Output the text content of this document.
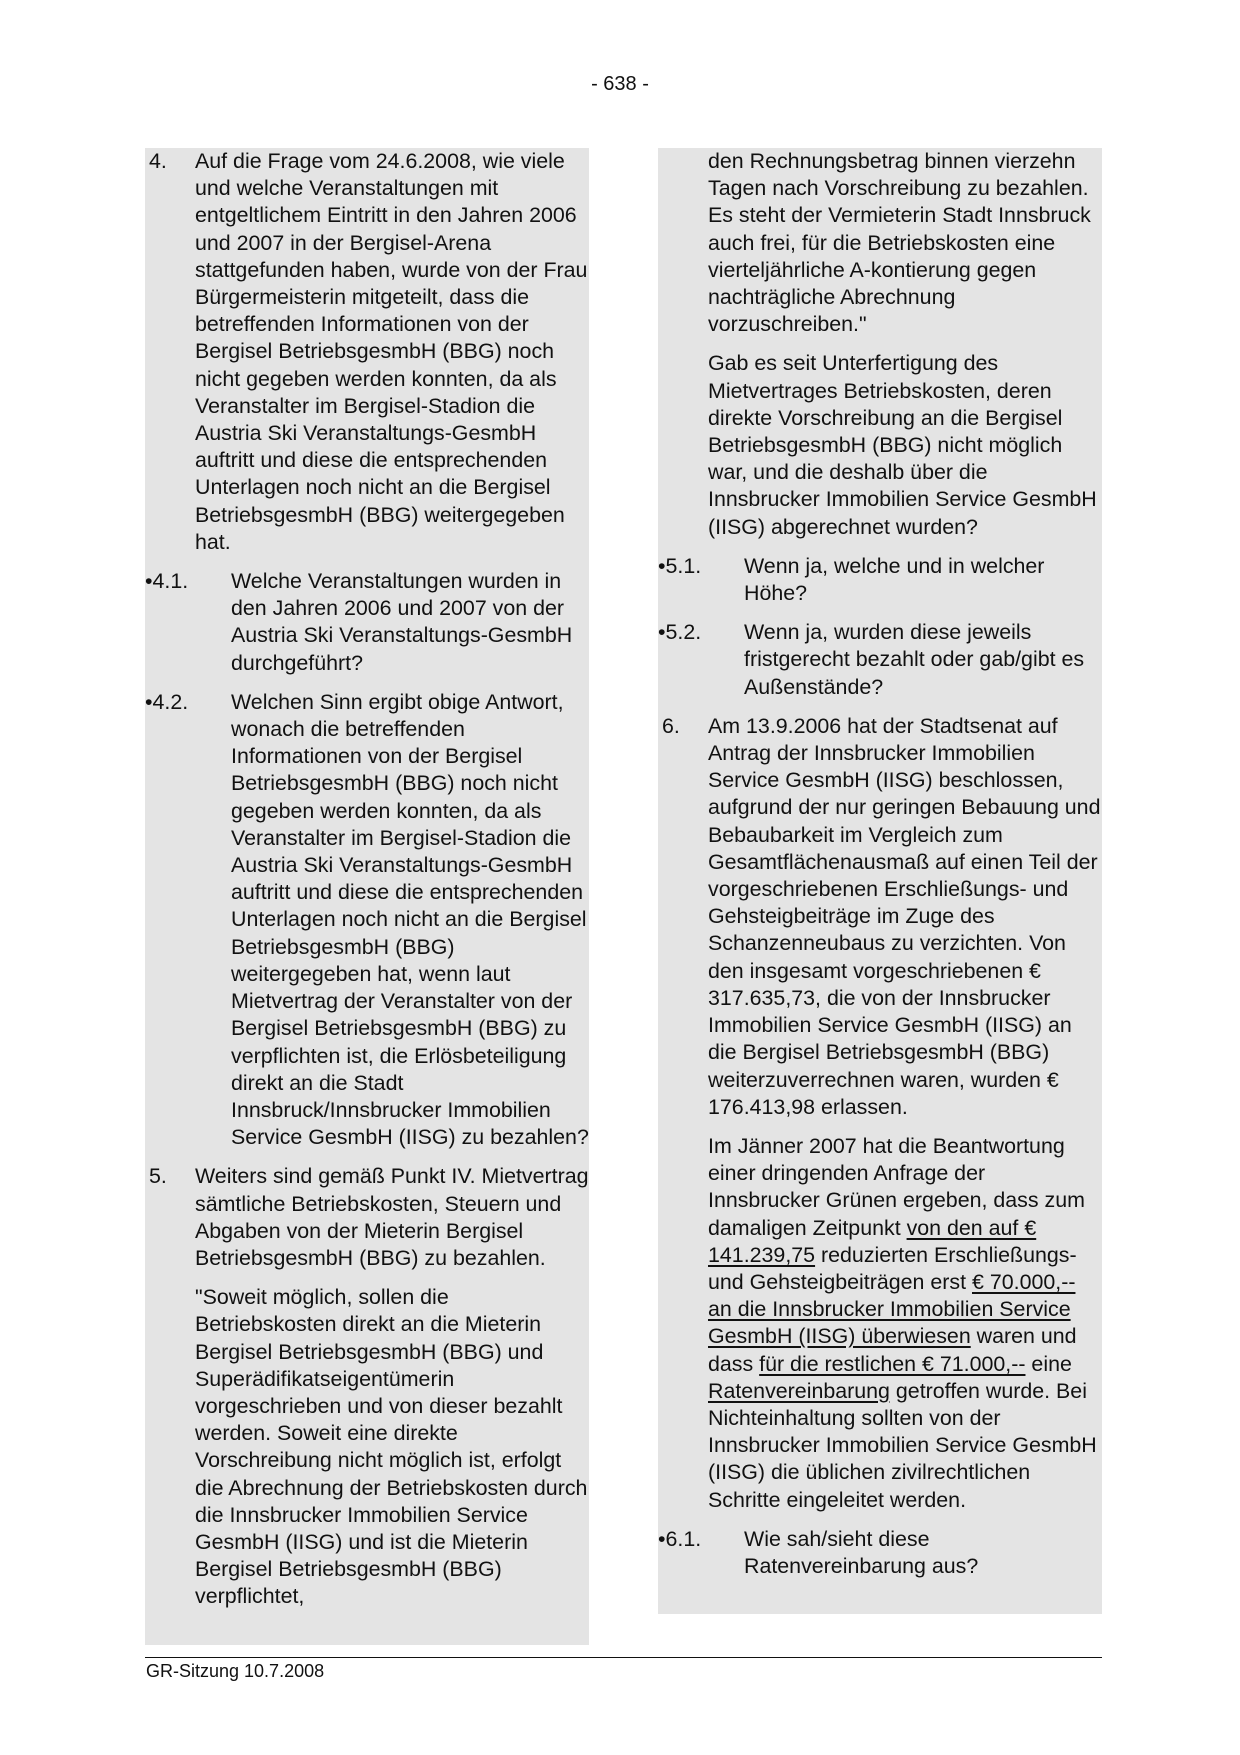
- 638 -
4. Auf die Frage vom 24.6.2008, wie viele und welche Veranstaltungen mit entgeltlichem Eintritt in den Jahren 2006 und 2007 in der Bergisel-Arena stattgefunden haben, wurde von der Frau Bürgermeisterin mitgeteilt, dass die betreffenden Informationen von der Bergisel BetriebsgesmbH (BBG) noch nicht gegeben werden konnten, da als Veranstalter im Bergisel-Stadion die Austria Ski Veranstaltungs-GesmbH auftritt und diese die entsprechenden Unterlagen noch nicht an die Bergisel BetriebsgesmbH (BBG) weitergegeben hat.
•4.1. Welche Veranstaltungen wurden in den Jahren 2006 und 2007 von der Austria Ski Veranstaltungs-GesmbH durchgeführt?
•4.2. Welchen Sinn ergibt obige Antwort, wonach die betreffenden Informationen von der Bergisel BetriebsgesmbH (BBG) noch nicht gegeben werden konnten, da als Veranstalter im Bergisel-Stadion die Austria Ski Veranstaltungs-GesmbH auftritt und diese die entsprechenden Unterlagen noch nicht an die Bergisel BetriebsgesmbH (BBG) weitergegeben hat, wenn laut Mietvertrag der Veranstalter von der Bergisel BetriebsgesmbH (BBG) zu verpflichten ist, die Erlösbeteiligung direkt an die Stadt Innsbruck/Innsbrucker Immobilien Service GesmbH (IISG) zu bezahlen?
5. Weiters sind gemäß Punkt IV. Mietvertrag sämtliche Betriebskosten, Steuern und Abgaben von der Mieterin Bergisel BetriebsgesmbH (BBG) zu bezahlen.
"Soweit möglich, sollen die Betriebskosten direkt an die Mieterin Bergisel BetriebsgesmbH (BBG) und Superädifikatseigentümerin vorgeschrieben und von dieser bezahlt werden. Soweit eine direkte Vorschreibung nicht möglich ist, erfolgt die Abrechnung der Betriebskosten durch die Innsbrucker Immobilien Service GesmbH (IISG) und ist die Mieterin Bergisel BetriebsgesmbH (BBG) verpflichtet,
den Rechnungsbetrag binnen vierzehn Tagen nach Vorschreibung zu bezahlen. Es steht der Vermieterin Stadt Innsbruck auch frei, für die Betriebskosten eine vierteljährliche A-kontierung gegen nachträgliche Abrechnung vorzuschreiben."
Gab es seit Unterfertigung des Mietvertrages Betriebskosten, deren direkte Vorschreibung an die Bergisel BetriebsgesmbH (BBG) nicht möglich war, und die deshalb über die Innsbrucker Immobilien Service GesmbH (IISG) abgerechnet wurden?
•5.1. Wenn ja, welche und in welcher Höhe?
•5.2. Wenn ja, wurden diese jeweils fristgerecht bezahlt oder gab/gibt es Außenstände?
6. Am 13.9.2006 hat der Stadtsenat auf Antrag der Innsbrucker Immobilien Service GesmbH (IISG) beschlossen, aufgrund der nur geringen Bebauung und Bebaubarkeit im Vergleich zum Gesamtflächenausmaß auf einen Teil der vorgeschriebenen Erschließungs- und Gehsteigbeiträge im Zuge des Schanzenneubaus zu verzichten. Von den insgesamt vorgeschriebenen € 317.635,73, die von der Innsbrucker Immobilien Service GesmbH (IISG) an die Bergisel BetriebsgesmbH (BBG) weiterzuverrechnen waren, wurden € 176.413,98 erlassen.
Im Jänner 2007 hat die Beantwortung einer dringenden Anfrage der Innsbrucker Grünen ergeben, dass zum damaligen Zeitpunkt von den auf € 141.239,75 reduzierten Erschließungs- und Gehsteigbeiträgen erst € 70.000,-- an die Innsbrucker Immobilien Service GesmbH (IISG) überwiesen waren und dass für die restlichen € 71.000,-- eine Ratenvereinbarung getroffen wurde. Bei Nichteinhaltung sollten von der Innsbrucker Immobilien Service GesmbH (IISG) die üblichen zivilrechtlichen Schritte eingeleitet werden.
•6.1. Wie sah/sieht diese Ratenvereinbarung aus?
GR-Sitzung 10.7.2008
